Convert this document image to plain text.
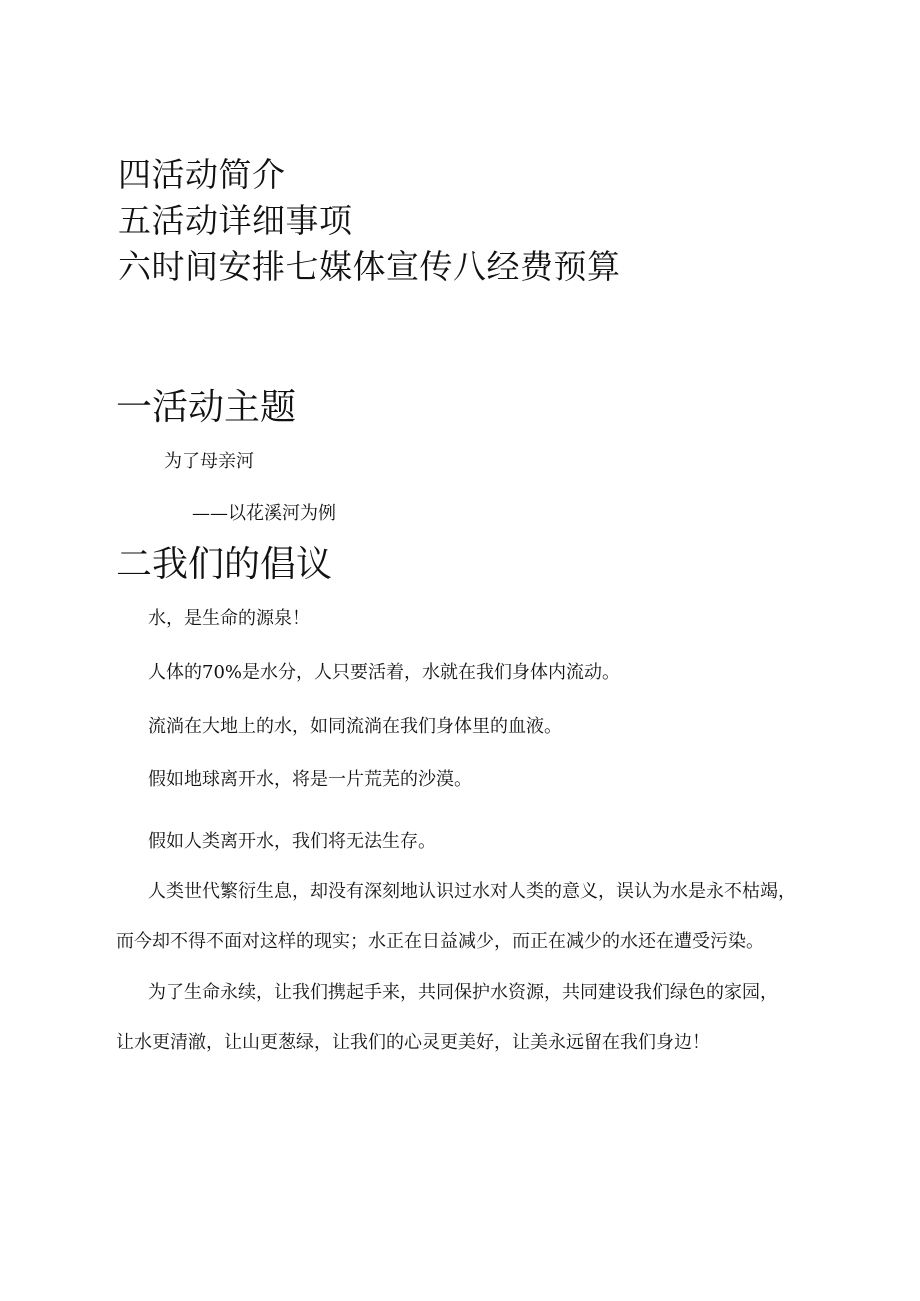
四活动简介
五活动详细事项
六时间安排七媒体宣传八经费预算
一活动主题
为了母亲河
——以花溪河为例
二我们的倡议
水，是生命的源泉！
人体的70%是水分，人只要活着，水就在我们身体内流动。
流淌在大地上的水，如同流淌在我们身体里的血液。
假如地球离开水，将是一片荒芜的沙漠。
假如人类离开水，我们将无法生存。
人类世代繁衍生息，却没有深刻地认识过水对人类的意义，误认为水是永不枯竭，
而今却不得不面对这样的现实；水正在日益减少，而正在减少的水还在遭受污染。
为了生命永续，让我们携起手来，共同保护水资源，共同建设我们绿色的家园，
让水更清澈，让山更葱绿，让我们的心灵更美好，让美永远留在我们身边！
